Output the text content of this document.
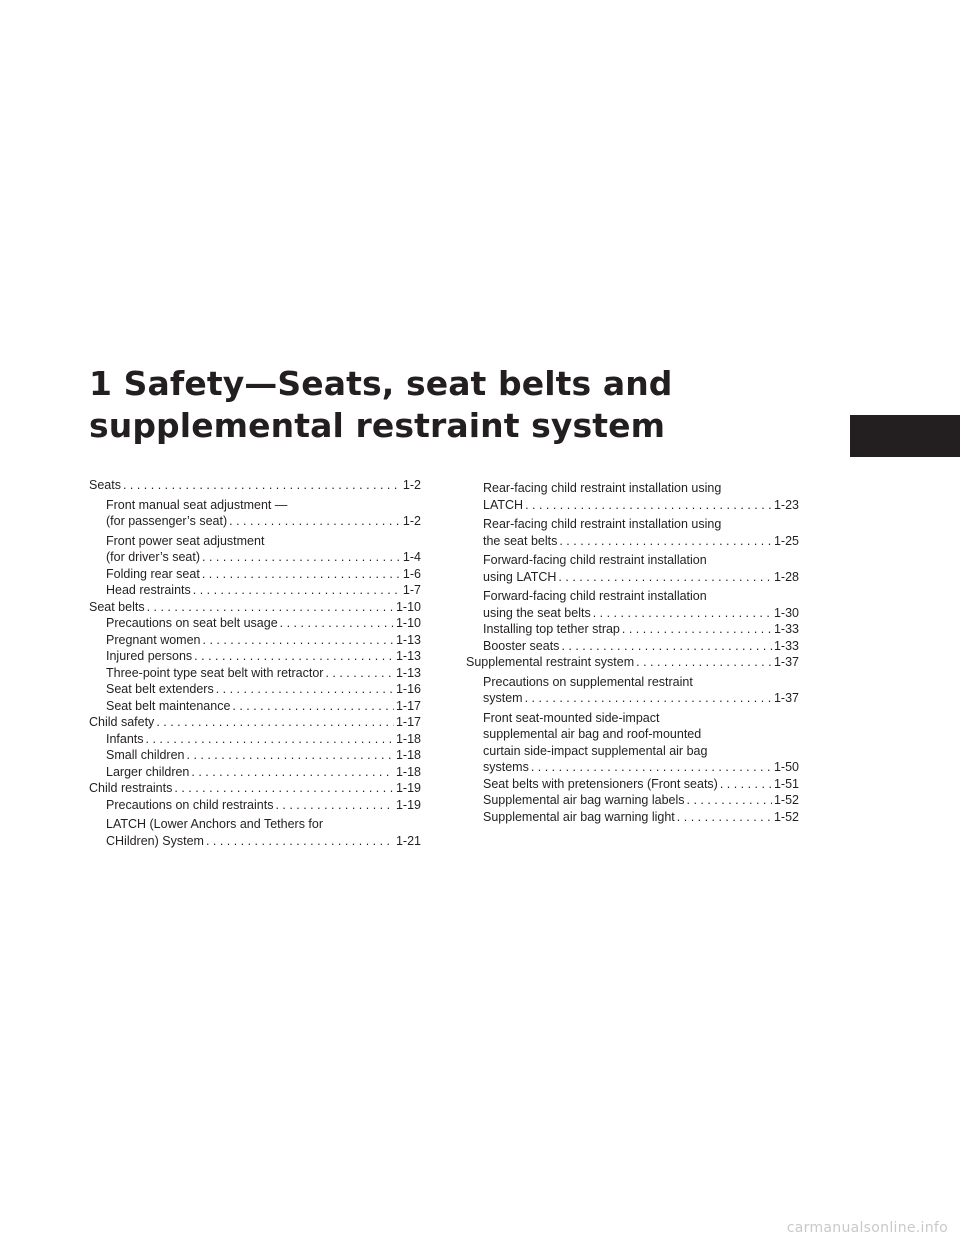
1 Safety—Seats, seat belts and
supplemental restraint system
Seats . . .	1-2
Front manual seat adjustment —
(for passenger’s seat) . . .	1-2
Front power seat adjustment
(for driver’s seat) . . .	1-4
Folding rear seat . . .	1-6
Head restraints . . .	1-7
Seat belts . . .	1-10
Precautions on seat belt usage . . .	1-10
Pregnant women . . .	1-13
Injured persons . . .	1-13
Three-point type seat belt with retractor . . .	1-13
Seat belt extenders . . .	1-16
Seat belt maintenance . . .	1-17
Child safety . . .	1-17
Infants . . .	1-18
Small children . . .	1-18
Larger children . . .	1-18
Child restraints . . .	1-19
Precautions on child restraints . . .	1-19
LATCH (Lower Anchors and Tethers for
CHildren) System . . .	1-21
Rear-facing child restraint installation using
LATCH . . .	1-23
Rear-facing child restraint installation using
the seat belts . . .	1-25
Forward-facing child restraint installation
using LATCH . . .	1-28
Forward-facing child restraint installation
using the seat belts . . .	1-30
Installing top tether strap . . .	1-33
Booster seats . . .	1-33
Supplemental restraint system . . .	1-37
Precautions on supplemental restraint
system . . .	1-37
Front seat-mounted side-impact
supplemental air bag and roof-mounted
curtain side-impact supplemental air bag
systems . . .	1-50
Seat belts with pretensioners (Front seats) . . .	1-51
Supplemental air bag warning labels . . .	1-52
Supplemental air bag warning light . . .	1-52
carmanualsonline.info
